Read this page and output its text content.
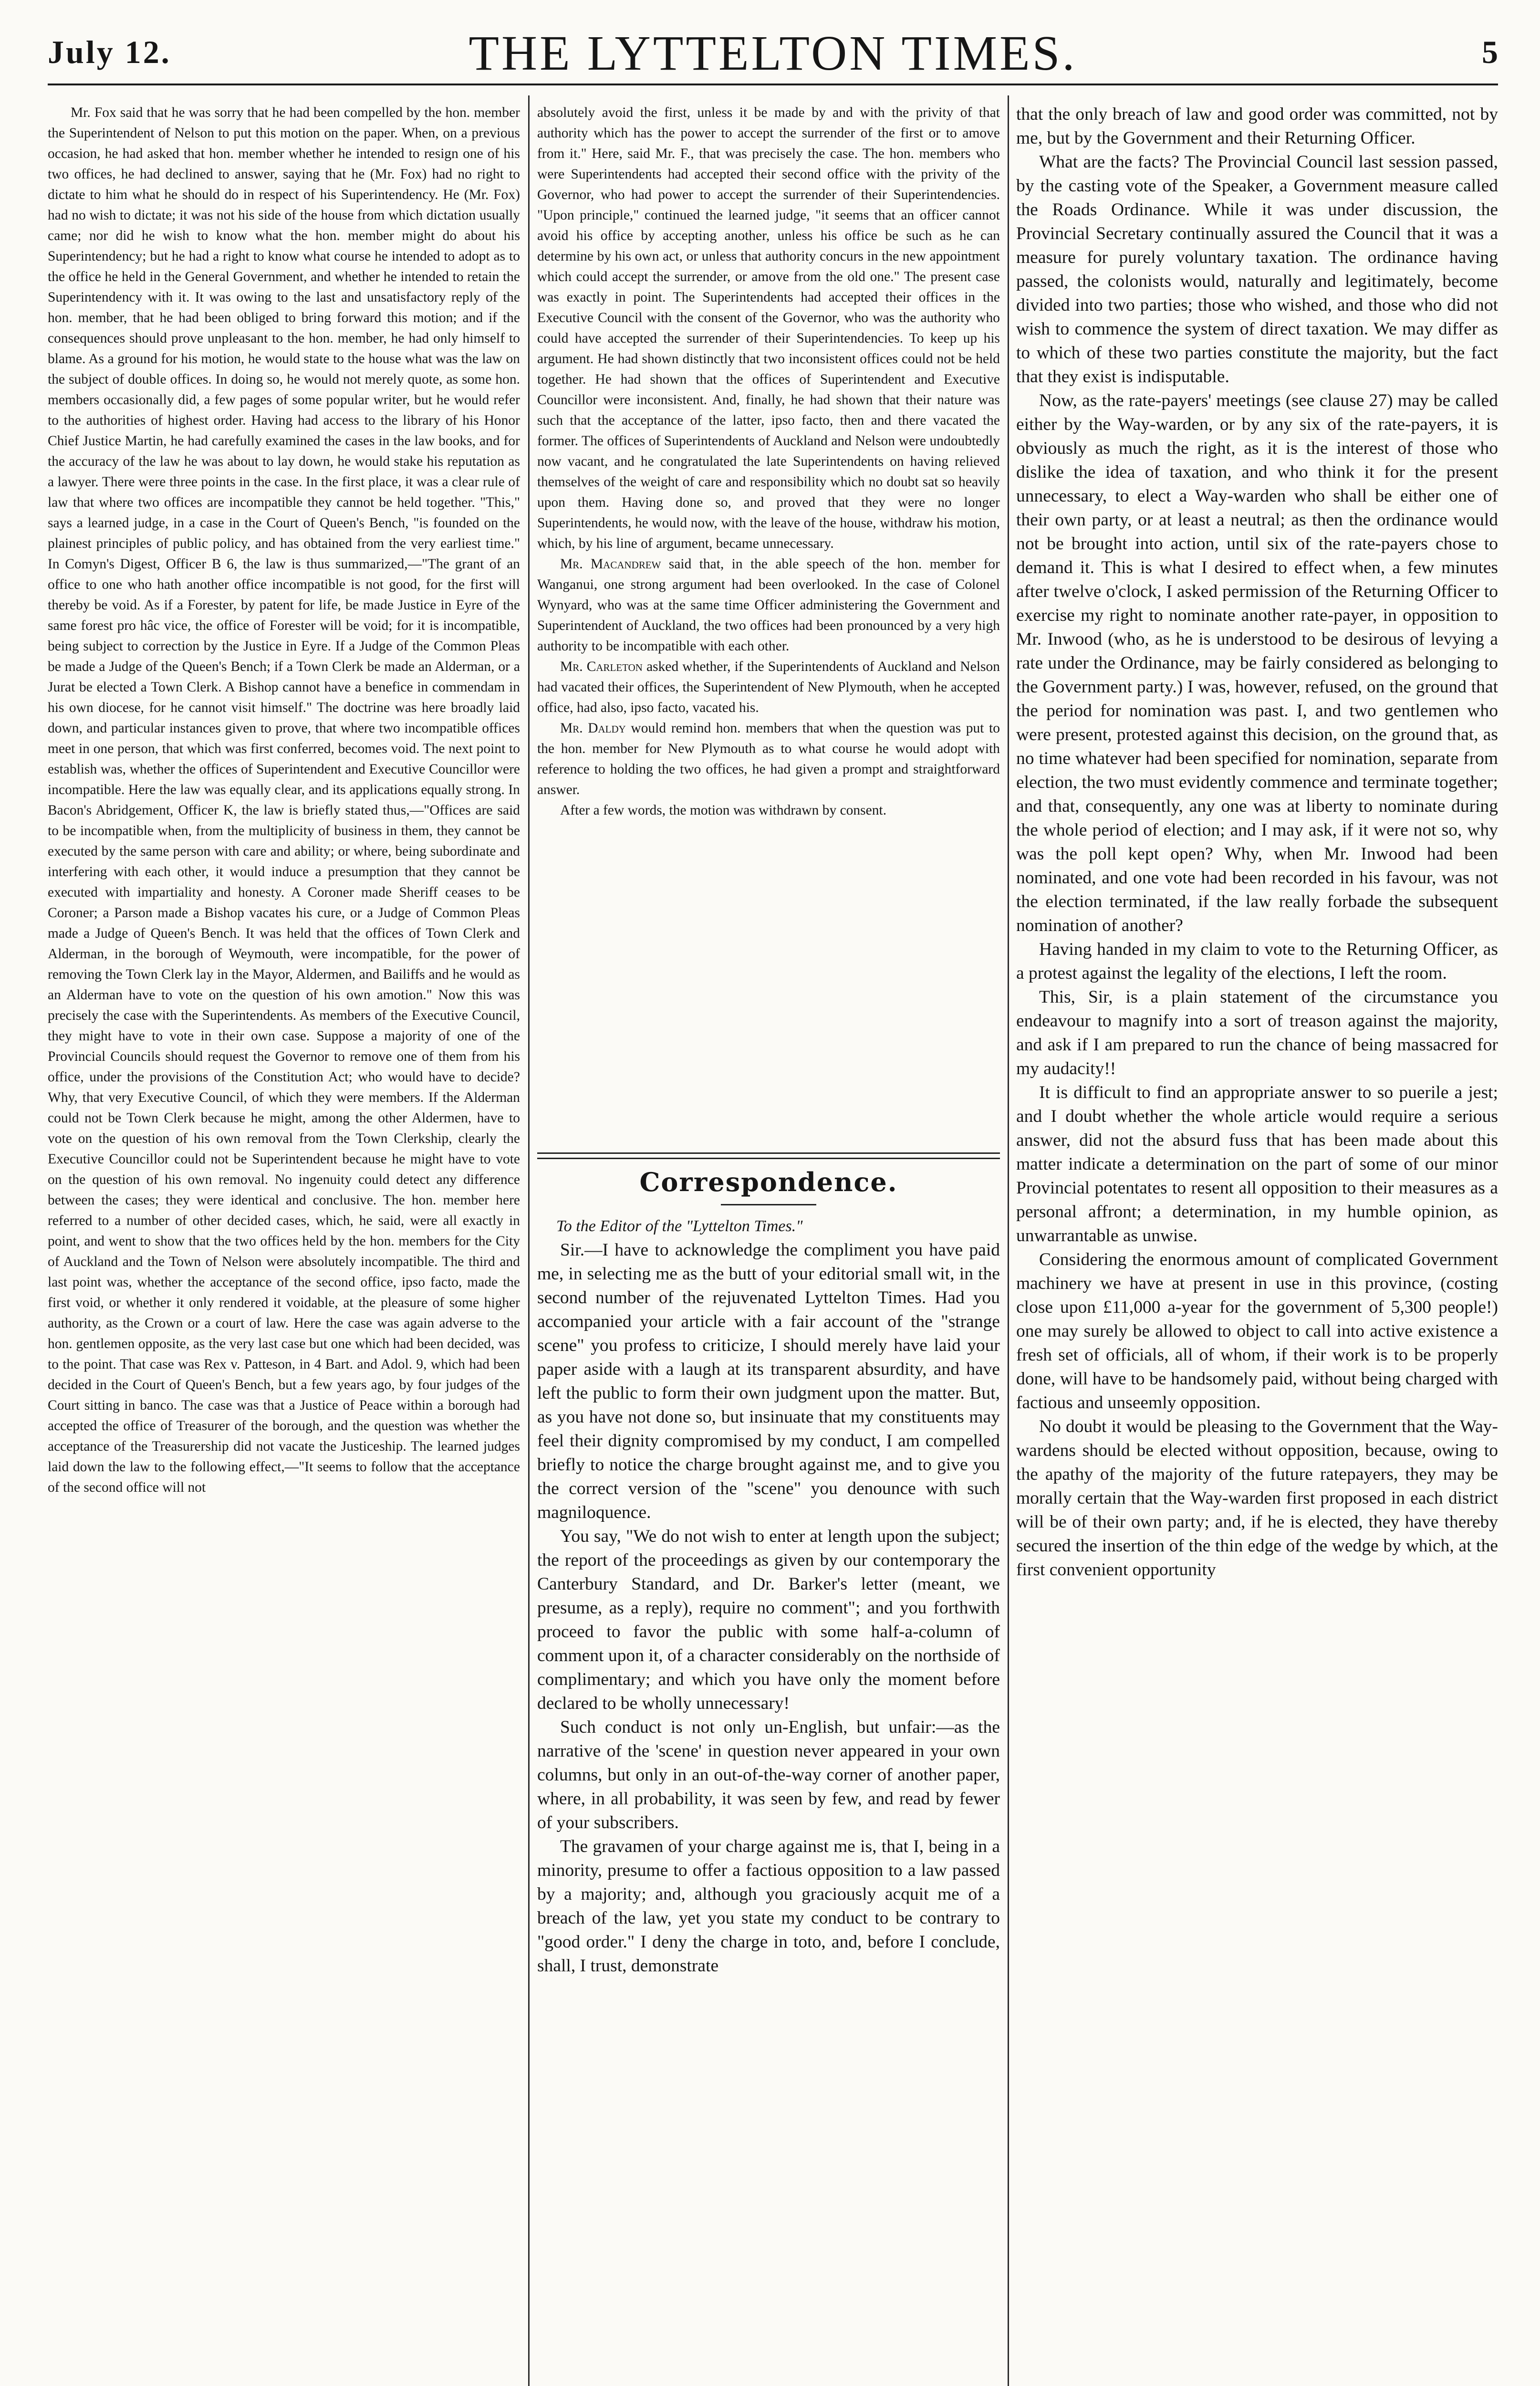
July 12.	THE LYTTELTON TIMES.	5

Mr. Fox said that he was sorry that he had been compelled by the hon. member the Superintendent of Nelson to put this motion on the paper. When, on a previous occasion, he had asked that hon. member whether he intended to resign one of his two offices, he had declined to answer, saying that he (Mr. Fox) had no right to dictate to him what he should do in respect of his Superintendency. He (Mr. Fox) had no wish to dictate; it was not his side of the house from which dictation usually came; nor did he wish to know what the hon. member might do about his Superintendency; but he had a right to know what course he intended to adopt as to the office he held in the General Government, and whether he intended to retain the Superintendency with it. It was owing to the last and unsatisfactory reply of the hon. member, that he had been obliged to bring forward this motion; and if the consequences should prove unpleasant to the hon. member, he had only himself to blame. As a ground for his motion, he would state to the house what was the law on the subject of double offices. In doing so, he would not merely quote, as some hon. members occasionally did, a few pages of some popular writer, but he would refer to the authorities of highest order. Having had access to the library of his Honor Chief Justice Martin, he had carefully examined the cases in the law books, and for the accuracy of the law he was about to lay down, he would stake his reputation as a lawyer. There were three points in the case. In the first place, it was a clear rule of law that where two offices are incompatible they cannot be held together. "This," says a learned judge, in a case in the Court of Queen's Bench, "is founded on the plainest principles of public policy, and has obtained from the very earliest time." In Comyn's Digest, Officer B 6, the law is thus summarized,—"The grant of an office to one who hath another office incompatible is not good, for the first will thereby be void. As if a Forester, by patent for life, be made Justice in Eyre of the same forest pro hâc vice, the office of Forester will be void; for it is incompatible, being subject to correction by the Justice in Eyre. If a Judge of the Common Pleas be made a Judge of the Queen's Bench; if a Town Clerk be made an Alderman, or a Jurat be elected a Town Clerk. A Bishop cannot have a benefice in commendam in his own diocese, for he cannot visit himself." The doctrine was here broadly laid down, and particular instances given to prove, that where two incompatible offices meet in one person, that which was first conferred, becomes void. The next point to establish was, whether the offices of Superintendent and Executive Councillor were incompatible. Here the law was equally clear, and its applications equally strong. In Bacon's Abridgement, Officer K, the law is briefly stated thus,—"Offices are said to be incompatible when, from the multiplicity of business in them, they cannot be executed by the same person with care and ability; or where, being subordinate and interfering with each other, it would induce a presumption that they cannot be executed with impartiality and honesty. A Coroner made Sheriff ceases to be Coroner; a Parson made a Bishop vacates his cure, or a Judge of Common Pleas made a Judge of Queen's Bench. It was held that the offices of Town Clerk and Alderman, in the borough of Weymouth, were incompatible, for the power of removing the Town Clerk lay in the Mayor, Aldermen, and Bailiffs and he would as an Alderman have to vote on the question of his own amotion." Now this was precisely the case with the Superintendents. As members of the Executive Council, they might have to vote in their own case. Suppose a majority of one of the Provincial Councils should request the Governor to remove one of them from his office, under the provisions of the Constitution Act; who would have to decide? Why, that very Executive Council, of which they were members. If the Alderman could not be Town Clerk because he might, among the other Aldermen, have to vote on the question of his own removal from the Town Clerkship, clearly the Executive Councillor could not be Superintendent because he might have to vote on the question of his own removal. No ingenuity could detect any difference between the cases; they were identical and conclusive. The hon. member here referred to a number of other decided cases, which, he said, were all exactly in point, and went to show that the two offices held by the hon. members for the City of Auckland and the Town of Nelson were absolutely incompatible. The third and last point was, whether the acceptance of the second office, ipso facto, made the first void, or whether it only rendered it voidable, at the pleasure of some higher authority, as the Crown or a court of law. Here the case was again adverse to the hon. gentlemen opposite, as the very last case but one which had been decided, was to the point. That case was Rex v. Patteson, in 4 Bart. and Adol. 9, which had been decided in the Court of Queen's Bench, but a few years ago, by four judges of the Court sitting in banco. The case was that a Justice of Peace within a borough had accepted the office of Treasurer of the borough, and the question was whether the acceptance of the Treasurership did not vacate the Justiceship. The learned judges laid down the law to the following effect,—"It seems to follow that the acceptance of the second office will not

absolutely avoid the first, unless it be made by and with the privity of that authority which has the power to accept the surrender of the first or to amove from it." Here, said Mr. F., that was precisely the case. The hon. members who were Superintendents had accepted their second office with the privity of the Governor, who had power to accept the surrender of their Superintendencies. "Upon principle," continued the learned judge, "it seems that an officer cannot avoid his office by accepting another, unless his office be such as he can determine by his own act, or unless that authority concurs in the new appointment which could accept the surrender, or amove from the old one." The present case was exactly in point. The Superintendents had accepted their offices in the Executive Council with the consent of the Governor, who was the authority who could have accepted the surrender of their Superintendencies. To keep up his argument. He had shown distinctly that two inconsistent offices could not be held together. He had shown that the offices of Superintendent and Executive Councillor were inconsistent. And, finally, he had shown that their nature was such that the acceptance of the latter, ipso facto, then and there vacated the former. The offices of Superintendents of Auckland and Nelson were undoubtedly now vacant, and he congratulated the late Superintendents on having relieved themselves of the weight of care and responsibility which no doubt sat so heavily upon them. Having done so, and proved that they were no longer Superintendents, he would now, with the leave of the house, withdraw his motion, which, by his line of argument, became unnecessary.

Mr. Macandrew said that, in the able speech of the hon. member for Wanganui, one strong argument had been overlooked. In the case of Colonel Wynyard, who was at the same time Officer administering the Government and Superintendent of Auckland, the two offices had been pronounced by a very high authority to be incompatible with each other.

Mr. Carleton asked whether, if the Superintendents of Auckland and Nelson had vacated their offices, the Superintendent of New Plymouth, when he accepted office, had also, ipso facto, vacated his.

Mr. Daldy would remind hon. members that when the question was put to the hon. member for New Plymouth as to what course he would adopt with reference to holding the two offices, he had given a prompt and straightforward answer.

After a few words, the motion was withdrawn by consent.

Correspondence.

To the Editor of the "Lyttelton Times."

Sir.—I have to acknowledge the compliment you have paid me, in selecting me as the butt of your editorial small wit, in the second number of the rejuvenated Lyttelton Times. Had you accompanied your article with a fair account of the "strange scene" you profess to criticize, I should merely have laid your paper aside with a laugh at its transparent absurdity, and have left the public to form their own judgment upon the matter. But, as you have not done so, but insinuate that my constituents may feel their dignity compromised by my conduct, I am compelled briefly to notice the charge brought against me, and to give you the correct version of the "scene" you denounce with such magniloquence.

You say, "We do not wish to enter at length upon the subject; the report of the proceedings as given by our contemporary the Canterbury Standard, and Dr. Barker's letter (meant, we presume, as a reply), require no comment"; and you forthwith proceed to favor the public with some half-a-column of comment upon it, of a character considerably on the northside of complimentary; and which you have only the moment before declared to be wholly unnecessary!

Such conduct is not only un-English, but unfair:—as the narrative of the 'scene' in question never appeared in your own columns, but only in an out-of-the-way corner of another paper, where, in all probability, it was seen by few, and read by fewer of your subscribers.

The gravamen of your charge against me is, that I, being in a minority, presume to offer a factious opposition to a law passed by a majority; and, although you graciously acquit me of a breach of the law, yet you state my conduct to be contrary to "good order." I deny the charge in toto, and, before I conclude, shall, I trust, demonstrate

that the only breach of law and good order was committed, not by me, but by the Government and their Returning Officer.

What are the facts? The Provincial Council last session passed, by the casting vote of the Speaker, a Government measure called the Roads Ordinance. While it was under discussion, the Provincial Secretary continually assured the Council that it was a measure for purely voluntary taxation. The ordinance having passed, the colonists would, naturally and legitimately, become divided into two parties; those who wished, and those who did not wish to commence the system of direct taxation. We may differ as to which of these two parties constitute the majority, but the fact that they exist is indisputable.

Now, as the rate-payers' meetings (see clause 27) may be called either by the Way-warden, or by any six of the rate-payers, it is obviously as much the right, as it is the interest of those who dislike the idea of taxation, and who think it for the present unnecessary, to elect a Way-warden who shall be either one of their own party, or at least a neutral; as then the ordinance would not be brought into action, until six of the rate-payers chose to demand it. This is what I desired to effect when, a few minutes after twelve o'clock, I asked permission of the Returning Officer to exercise my right to nominate another rate-payer, in opposition to Mr. Inwood (who, as he is understood to be desirous of levying a rate under the Ordinance, may be fairly considered as belonging to the Government party.) I was, however, refused, on the ground that the period for nomination was past. I, and two gentlemen who were present, protested against this decision, on the ground that, as no time whatever had been specified for nomination, separate from election, the two must evidently commence and terminate together; and that, consequently, any one was at liberty to nominate during the whole period of election; and I may ask, if it were not so, why was the poll kept open? Why, when Mr. Inwood had been nominated, and one vote had been recorded in his favour, was not the election terminated, if the law really forbade the subsequent nomination of another?

Having handed in my claim to vote to the Returning Officer, as a protest against the legality of the elections, I left the room.

This, Sir, is a plain statement of the circumstance you endeavour to magnify into a sort of treason against the majority, and ask if I am prepared to run the chance of being massacred for my audacity!!

It is difficult to find an appropriate answer to so puerile a jest; and I doubt whether the whole article would require a serious answer, did not the absurd fuss that has been made about this matter indicate a determination on the part of some of our minor Provincial potentates to resent all opposition to their measures as a personal affront; a determination, in my humble opinion, as unwarrantable as unwise.

Considering the enormous amount of complicated Government machinery we have at present in use in this province, (costing close upon £11,000 a-year for the government of 5,300 people!) one may surely be allowed to object to call into active existence a fresh set of officials, all of whom, if their work is to be properly done, will have to be handsomely paid, without being charged with factious and unseemly opposition.

No doubt it would be pleasing to the Government that the Way-wardens should be elected without opposition, because, owing to the apathy of the majority of the future ratepayers, they may be morally certain that the Way-warden first proposed in each district will be of their own party; and, if he is elected, they have thereby secured the insertion of the thin edge of the wedge by which, at the first convenient opportunity
